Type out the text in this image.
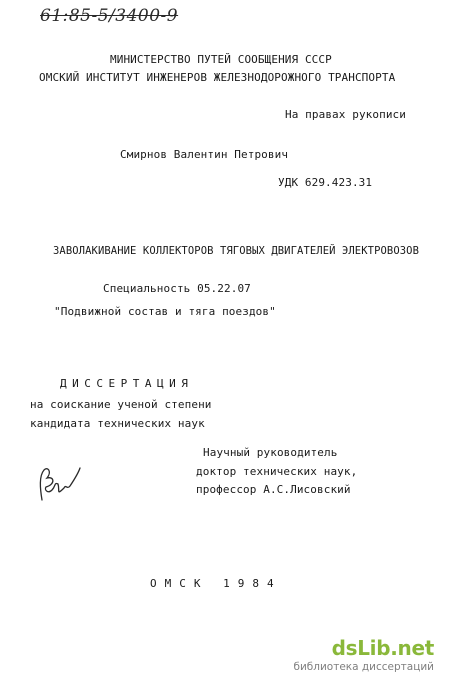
61:85-5/3400-9
МИНИСТЕРСТВО ПУТЕЙ СООБЩЕНИЯ СССР
ОМСКИЙ ИНСТИТУТ ИНЖЕНЕРОВ ЖЕЛЕЗНОДОРОЖНОГО ТРАНСПОРТА
На правах рукописи
Смирнов Валентин Петрович
УДК 629.423.31
ЗАВОЛАКИВАНИЕ КОЛЛЕКТОРОВ ТЯГОВЫХ ДВИГАТЕЛЕЙ ЭЛЕКТРОВОЗОВ
Специальность 05.22.07
"Подвижной состав и тяга поездов"
ДИССЕРТАЦИЯ
на соискание ученой степени
кандидата технических наук
Научный руководитель
доктор технических наук,
профессор А.С.Лисовский
ОМСК 1984
dsLib.net
библиотека диссертаций
